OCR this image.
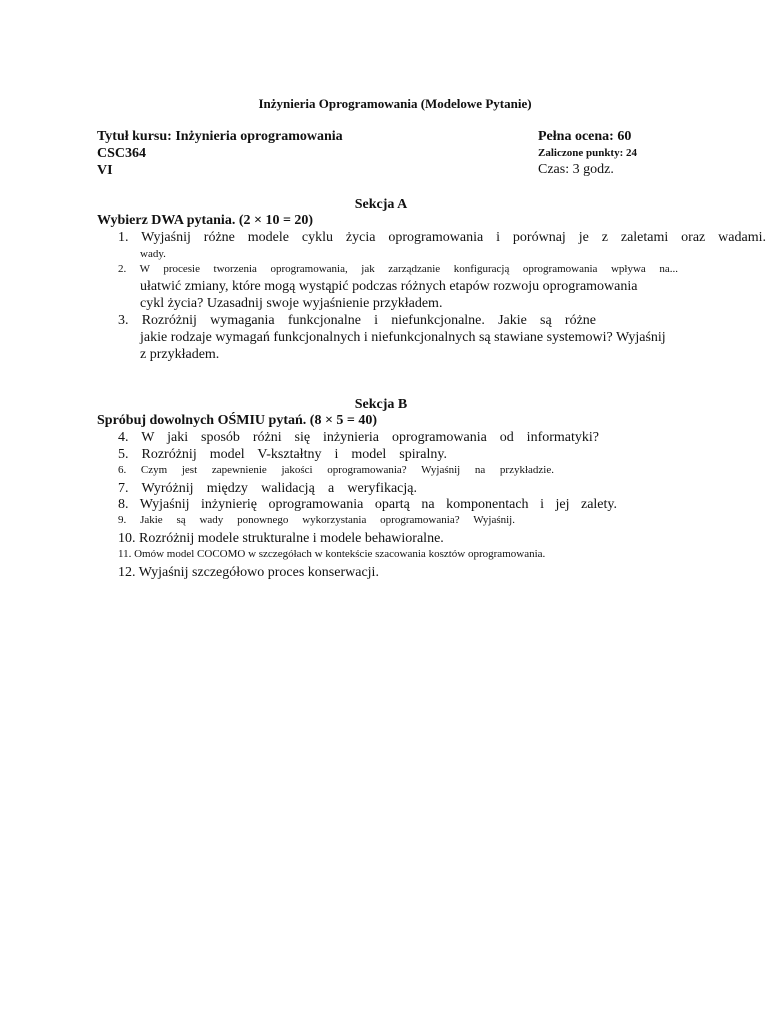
Inżynieria Oprogramowania (Modelowe Pytanie)
Tytuł kursu: Inżynieria oprogramowania
CSC364
VI
Pełna ocena: 60
Zaliczone punkty: 24
Czas: 3 godz.
Sekcja A
Wybierz DWA pytania. (2 × 10 = 20)
1. Wyjaśnij różne modele cyklu życia oprogramowania i porównaj je z zaletami oraz wadami.
wady.
2. W procesie tworzenia oprogramowania, jak zarządzanie konfiguracją oprogramowania wpływa na...
ułatwić zmiany, które mogą wystąpić podczas różnych etapów rozwoju oprogramowania
cykl życia? Uzasadnij swoje wyjaśnienie przykładem.
3. Rozróżnij wymagania funkcjonalne i niefunkcjonalne. Jakie są różne
jakie rodzaje wymagań funkcjonalnych i niefunkcjonalnych są stawiane systemowi? Wyjaśnij
z przykładem.
Sekcja B
Spróbuj dowolnych OŚMIU pytań. (8 × 5 = 40)
4. W jaki sposób różni się inżynieria oprogramowania od informatyki?
5. Rozróżnij model V-kształtny i model spiralny.
6. Czym jest zapewnienie jakości oprogramowania? Wyjaśnij na przykładzie.
7. Wyróżnij między walidacją a weryfikacją.
8. Wyjaśnij inżynierię oprogramowania opartą na komponentach i jej zalety.
9. Jakie są wady ponownego wykorzystania oprogramowania? Wyjaśnij.
10. Rozróżnij modele strukturalne i modele behawioralne.
11. Omów model COCOMO w szczegółach w kontekście szacowania kosztów oprogramowania.
12. Wyjaśnij szczegółowo proces konserwacji.
